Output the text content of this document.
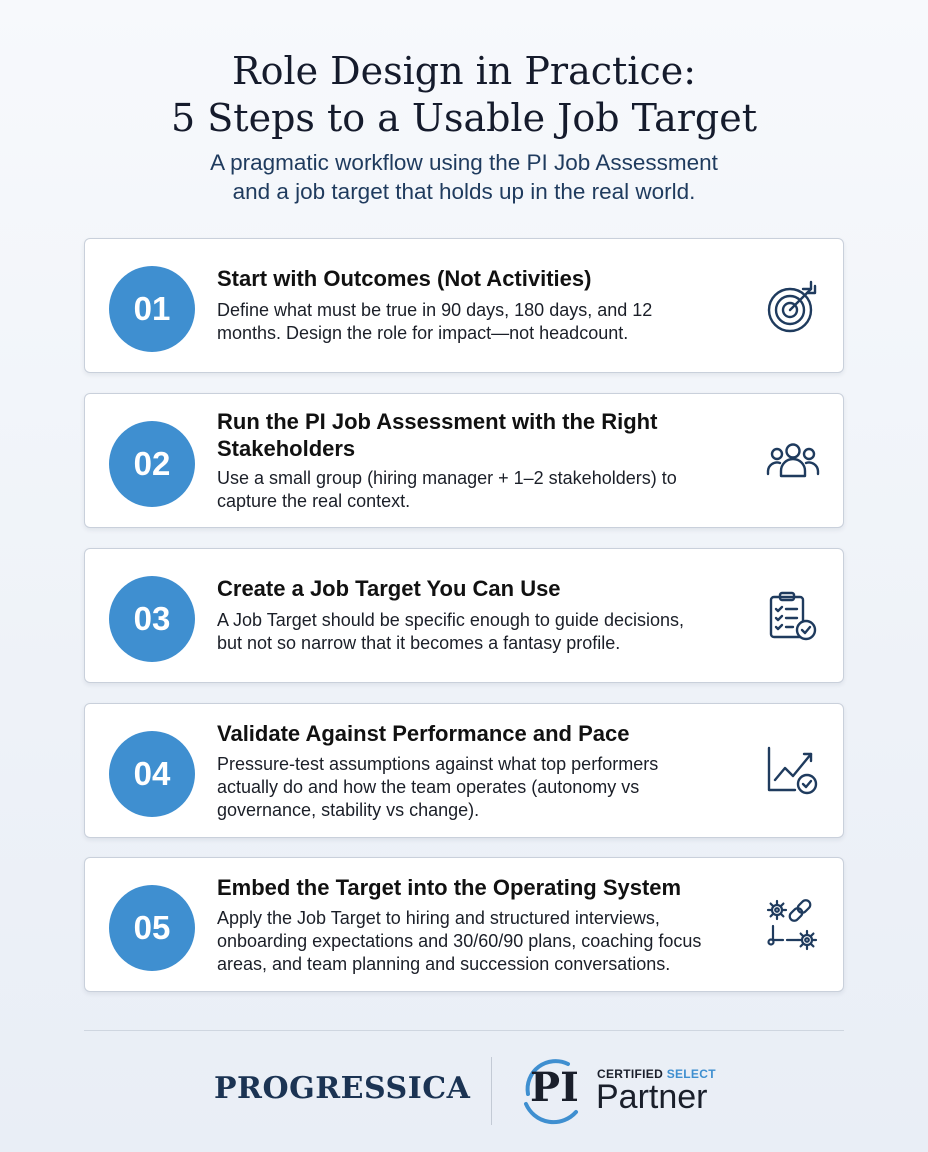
Role Design in Practice:
5 Steps to a Usable Job Target
A pragmatic workflow using the PI Job Assessment
and a job target that holds up in the real world.
01
Start with Outcomes (Not Activities)
Define what must be true in 90 days, 180 days, and 12
months. Design the role for impact—not headcount.
02
Run the PI Job Assessment with the Right
Stakeholders
Use a small group (hiring manager + 1–2 stakeholders) to
capture the real context.
03
Create a Job Target You Can Use
A Job Target should be specific enough to guide decisions,
but not so narrow that it becomes a fantasy profile.
04
Validate Against Performance and Pace
Pressure-test assumptions against what top performers
actually do and how the team operates (autonomy vs
governance, stability vs change).
05
Embed the Target into the Operating System
Apply the Job Target to hiring and structured interviews,
onboarding expectations and 30/60/90 plans, coaching focus
areas, and team planning and succession conversations.
PROGRESSICA PI CERTIFIED SELECT
Partner
